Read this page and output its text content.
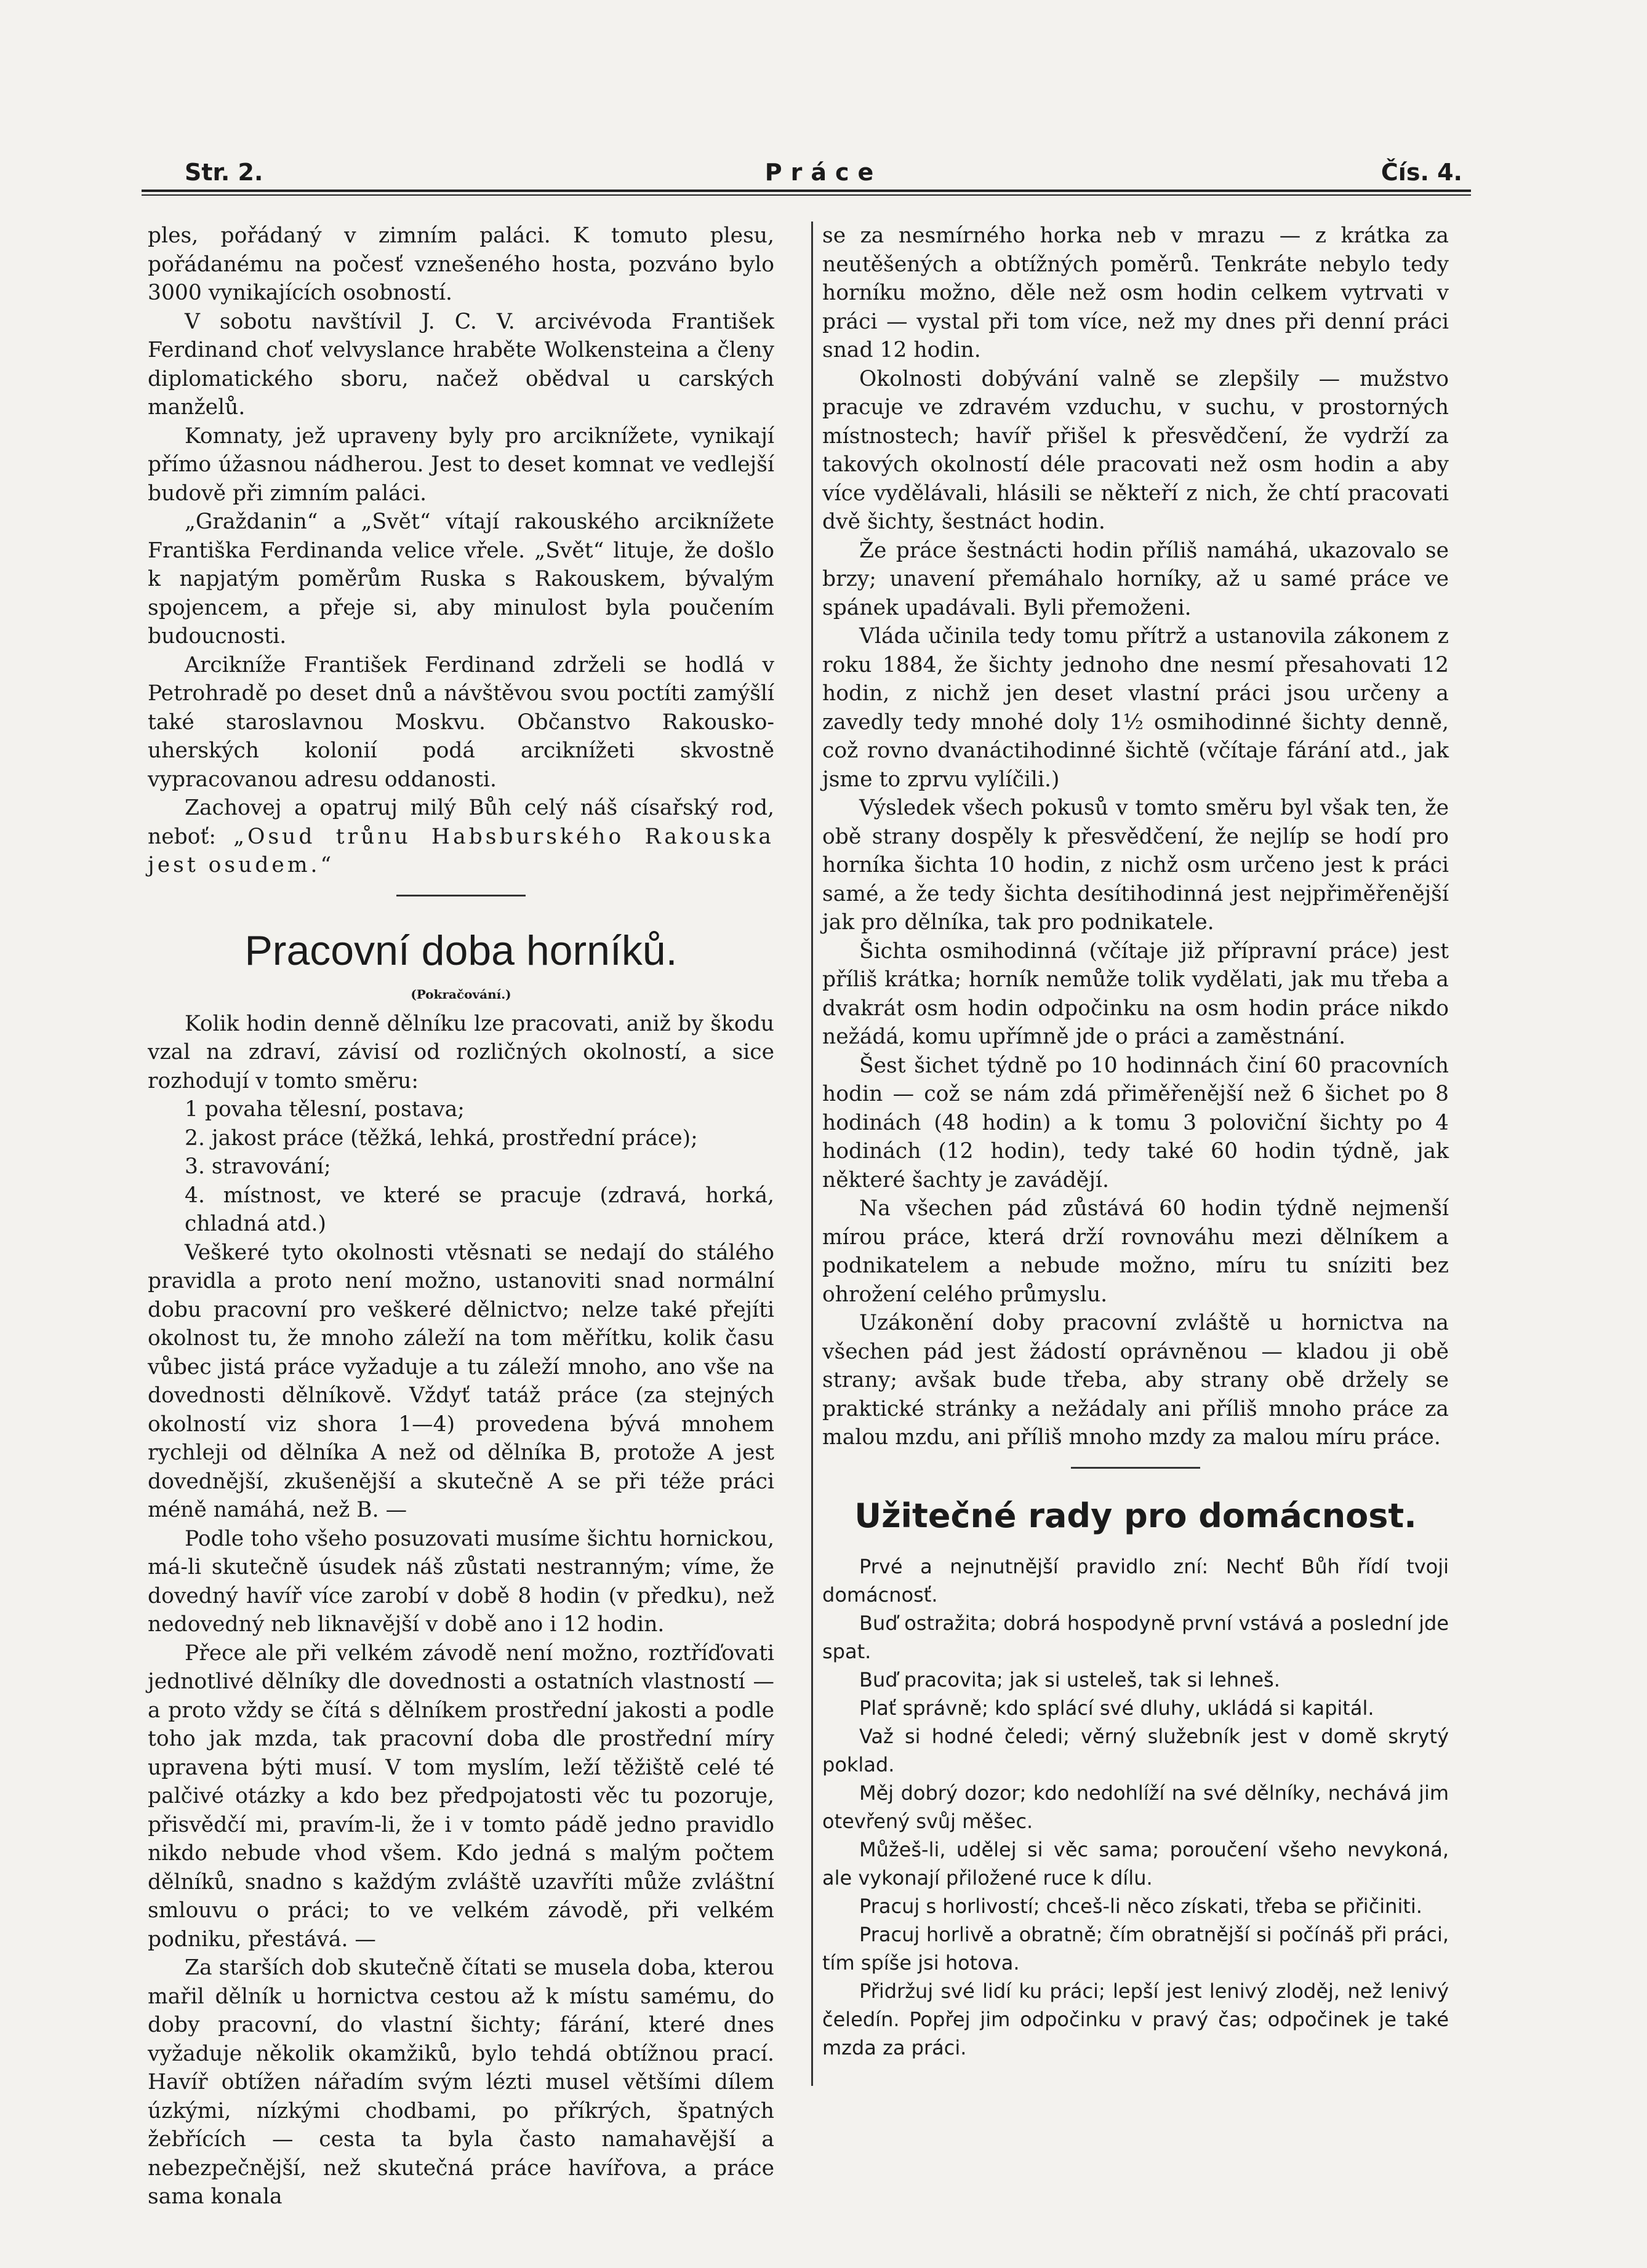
Str. 2.	Práce	Čís. 4.

ples, pořádaný v zimním paláci. K tomuto plesu, pořádanému na počesť vznešeného hosta, pozváno bylo 3000 vynikajících osobností.

V sobotu navštívil J. C. V. arcivévoda František Ferdinand choť velvyslance hraběte Wolkensteina a členy diplomatického sboru, načež obědval u carských manželů.

Komnaty, jež upraveny byly pro arciknížete, vynikají přímo úžasnou nádherou. Jest to deset komnat ve vedlejší budově při zimním paláci.

„Graždanin“ a „Svět“ vítají rakouského arciknížete Františka Ferdinanda velice vřele. „Svět“ lituje, že došlo k napjatým poměrům Ruska s Rakouskem, bývalým spojencem, a přeje si, aby minulost byla poučením budoucnosti.

Arcikníže František Ferdinand zdrželi se hodlá v Petrohradě po deset dnů a návštěvou svou poctíti zamýšlí také staroslavnou Moskvu. Občanstvo Rakousko-uherských kolonií podá arciknížeti skvostně vypracovanou adresu oddanosti.

Zachovej a opatruj milý Bůh celý náš císařský rod, neboť: „Osud trůnu Habsburského Rakouska jest osudem.“

Pracovní doba horníků.
(Pokračování.)

Kolik hodin denně dělníku lze pracovati, aniž by škodu vzal na zdraví, závisí od rozličných okolností, a sice rozhodují v tomto směru:

1 povaha tělesní, postava;

2. jakost práce (těžká, lehká, prostřední práce);

3. stravování;

4. místnost, ve které se pracuje (zdravá, horká, chladná atd.)

Veškeré tyto okolnosti vtěsnati se nedají do stálého pravidla a proto není možno, ustanoviti snad normální dobu pracovní pro veškeré dělnictvo; nelze také přejíti okolnost tu, že mnoho záleží na tom měřítku, kolik času vůbec jistá práce vyžaduje a tu záleží mnoho, ano vše na dovednosti dělníkově. Vždyť tatáž práce (za stejných okolností viz shora 1—4) provedena bývá mnohem rychleji od dělníka A než od dělníka B, protože A jest dovednější, zkušenější a skutečně A se při téže práci méně namáhá, než B. —

Podle toho všeho posuzovati musíme šichtu hornickou, má-li skutečně úsudek náš zůstati nestranným; víme, že dovedný havíř více zarobí v době 8 hodin (v předku), než nedovedný neb liknavější v době ano i 12 hodin.

Přece ale při velkém závodě není možno, roztříďovati jednotlivé dělníky dle dovednosti a ostatních vlastností — a proto vždy se čítá s dělníkem prostřední jakosti a podle toho jak mzda, tak pracovní doba dle prostřední míry upravena býti musí. V tom myslím, leží těžiště celé té palčivé otázky a kdo bez předpojatosti věc tu pozoruje, přisvědčí mi, pravím-li, že i v tomto pádě jedno pravidlo nikdo nebude vhod všem. Kdo jedná s malým počtem dělníků, snadno s každým zvláště uzavříti může zvláštní smlouvu o práci; to ve velkém závodě, při velkém podniku, přestává. —

Za starších dob skutečně čítati se musela doba, kterou mařil dělník u hornictva cestou až k místu samému, do doby pracovní, do vlastní šichty; fárání, které dnes vyžaduje několik okamžiků, bylo tehdá obtížnou prací. Havíř obtížen nářadím svým lézti musel většími dílem úzkými, nízkými chodbami, po příkrých, špatných žebřících — cesta ta byla často namahavější a nebezpečnější, než skutečná práce havířova, a práce sama konala

se za nesmírného horka neb v mrazu — z krátka za neutěšených a obtížných poměrů. Tenkráte nebylo tedy horníku možno, děle než osm hodin celkem vytrvati v práci — vystal při tom více, než my dnes při denní práci snad 12 hodin.

Okolnosti dobývání valně se zlepšily — mužstvo pracuje ve zdravém vzduchu, v suchu, v prostorných místnostech; havíř přišel k přesvědčení, že vydrží za takových okolností déle pracovati než osm hodin a aby více vydělávali, hlásili se někteří z nich, že chtí pracovati dvě šichty, šestnáct hodin.

Že práce šestnácti hodin příliš namáhá, ukazovalo se brzy; unavení přemáhalo horníky, až u samé práce ve spánek upadávali. Byli přemoženi.

Vláda učinila tedy tomu přítrž a ustanovila zákonem z roku 1884, že šichty jednoho dne nesmí přesahovati 12 hodin, z nichž jen deset vlastní práci jsou určeny a zavedly tedy mnohé doly 1½ osmihodinné šichty denně, což rovno dvanáctihodinné šichtě (včítaje fárání atd., jak jsme to zprvu vylíčili.)

Výsledek všech pokusů v tomto směru byl však ten, že obě strany dospěly k přesvědčení, že nejlíp se hodí pro horníka šichta 10 hodin, z nichž osm určeno jest k práci samé, a že tedy šichta desítihodinná jest nejpřiměřenější jak pro dělníka, tak pro podnikatele.

Šichta osmihodinná (včítaje již přípravní práce) jest příliš krátka; horník nemůže tolik vydělati, jak mu třeba a dvakrát osm hodin odpočinku na osm hodin práce nikdo nežádá, komu upřímně jde o práci a zaměstnání.

Šest šichet týdně po 10 hodinnách činí 60 pracovních hodin — což se nám zdá přiměřenější než 6 šichet po 8 hodinách (48 hodin) a k tomu 3 poloviční šichty po 4 hodinách (12 hodin), tedy také 60 hodin týdně, jak některé šachty je zavádějí.

Na všechen pád zůstává 60 hodin týdně nejmenší mírou práce, která drží rovnováhu mezi dělníkem a podnikatelem a nebude možno, míru tu sníziti bez ohrožení celého průmyslu.

Uzákonění doby pracovní zvláště u hornictva na všechen pád jest žádostí oprávněnou — kladou ji obě strany; avšak bude třeba, aby strany obě držely se praktické stránky a nežádaly ani příliš mnoho práce za malou mzdu, ani příliš mnoho mzdy za malou míru práce.

Užitečné rady pro domácnost.

Prvé a nejnutnější pravidlo zní: Nechť Bůh řídí tvoji domácnosť.

Buď ostražita; dobrá hospodyně první vstává a poslední jde spat.

Buď pracovita; jak si usteleš, tak si lehneš.

Plať správně; kdo splácí své dluhy, ukládá si kapitál.

Važ si hodné čeledi; věrný služebník jest v domě skrytý poklad.

Měj dobrý dozor; kdo nedohlíží na své dělníky, nechává jim otevřený svůj měšec.

Můžeš-li, udělej si věc sama; poroučení všeho nevykoná, ale vykonají přiložené ruce k dílu.

Pracuj s horlivostí; chceš-li něco získati, třeba se přičiniti.

Pracuj horlivě a obratně; čím obratnější si počínáš při práci, tím spíše jsi hotova.

Přidržuj své lidí ku práci; lepší jest lenivý zloděj, než lenivý čeledín. Popřej jim odpočinku v pravý čas; odpočinek je také mzda za práci.
